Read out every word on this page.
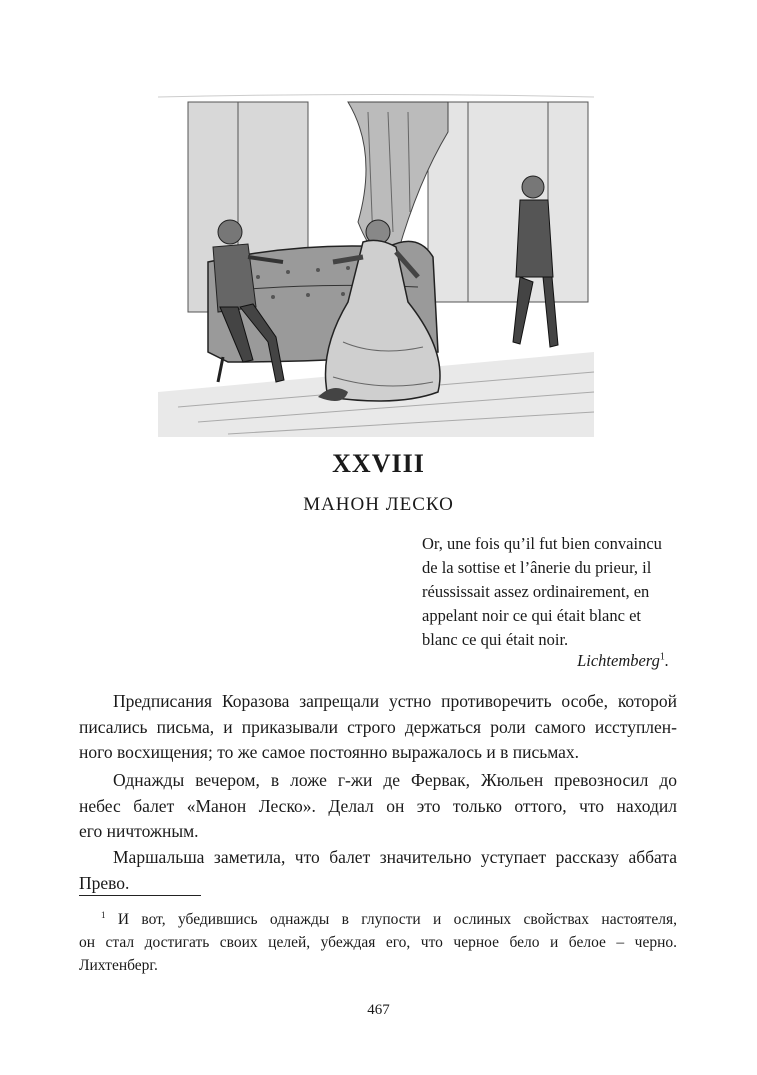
XXVIII
МАНОН ЛЕСКО
Or, une fois qu’il fut bien convaincu
de la sottise et l’ânerie du prieur, il
réussissait assez ordinairement, en
appelant noir ce qui était blanc et
blanc ce qui était noir.
Lichtemberg$^1$.
Предписания Коразова запрещали устно противоречить особе, которой
писались письма, и приказывали строго держаться роли самого исступлен-
ного восхищения; то же самое постоянно выражалось и в письмах.
Однажды вечером, в ложе г-жи де Фервак, Жюльен превозносил до
небес балет «Манон Леско». Делал он это только оттого, что находил
его ничтожным.
Маршальша заметила, что балет значительно уступает рассказу аббата
Прево.
$^1$ И вот, убедившись однажды в глупости и ослиных свойствах настоятеля,
он стал достигать своих целей, убеждая его, что черное бело и белое – черно.
Лихтенберг.
467
